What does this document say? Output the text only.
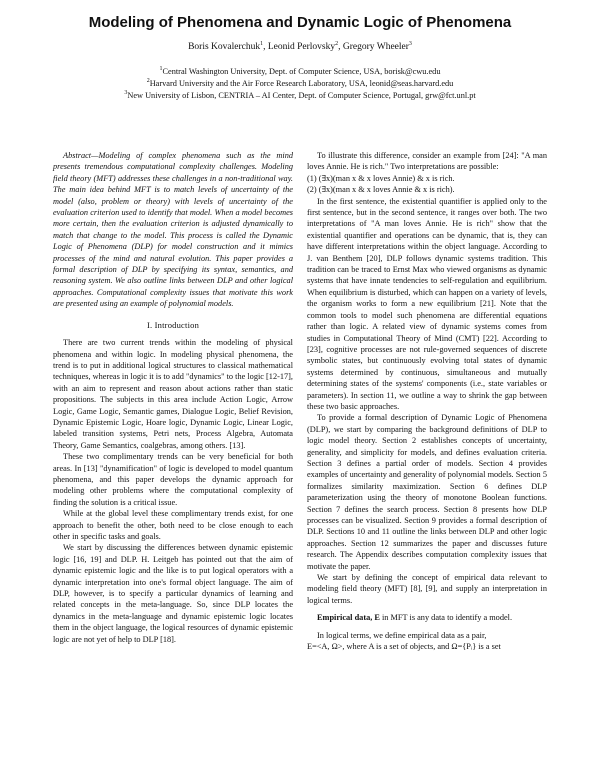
Modeling of Phenomena and Dynamic Logic of Phenomena
Boris Kovalerchuk$^1$, Leonid Perlovsky$^2$, Gregory Wheeler$^3$
$^1$Central Washington University, Dept. of Computer Science, USA, borisk@cwu.edu
$^2$Harvard University and the Air Force Research Laboratory, USA, leonid@seas.harvard.edu
$^3$New University of Lisbon, CENTRIA – AI Center, Dept. of Computer Science, Portugal, grw@fct.unl.pt

Abstract—Modeling of complex phenomena such as the mind presents tremendous computational complexity challenges. Modeling field theory (MFT) addresses these challenges in a non-traditional way. The main idea behind MFT is to match levels of uncertainty of the model (also, problem or theory) with levels of uncertainty of the evaluation criterion used to identify that model. When a model becomes more certain, then the evaluation criterion is adjusted dynamically to match that change to the model. This process is called the Dynamic Logic of Phenomena (DLP) for model construction and it mimics processes of the mind and natural evolution. This paper provides a formal description of DLP by specifying its syntax, semantics, and reasoning system. We also outline links between DLP and other logical approaches. Computational complexity issues that motivate this work are presented using an example of polynomial models.

I. Introduction

There are two current trends within the modeling of physical phenomena and within logic. In modeling physical phenomena, the trend is to put in additional logical structures to classical mathematical techniques, whereas in logic it is to add "dynamics" to the logic [12-17], with an aim to represent and reason about actions rather than static propositions. The subjects in this area include Action Logic, Arrow Logic, Game Logic, Semantic games, Dialogue Logic, Belief Revision, Dynamic Epistemic Logic, Hoare logic, Dynamic Logic, Linear Logic, labeled transition systems, Petri nets, Process Algebra, Automata Theory, Game Semantics, coalgebras, among others. [13].

These two complimentary trends can be very beneficial for both areas. In [13] "dynamification" of logic is developed to model quantum phenomena, and this paper develops the dynamic approach for modeling other problems where the computational complexity of finding the solution is a critical issue.

While at the global level these complimentary trends exist, for one approach to benefit the other, both need to be close enough to each other in specific tasks and goals.

We start by discussing the differences between dynamic epistemic logic [16, 19] and DLP. H. Leitgeb has pointed out that the aim of dynamic epistemic logic and the like is to put logical operators with a dynamic interpretation into one's formal object language. The aim of DLP, however, is to specify a particular dynamics of learning and related concepts in the meta-language. So, since DLP locates the dynamics in the meta-language and dynamic epistemic logic locates them in the object language, the logical resources of dynamic epistemic logic are not yet of help to DLP [18].

To illustrate this difference, consider an example from [24]: "A man loves Annie. He is rich." Two interpretations are possible:

(1) (∃x)(man x & x loves Annie) & x is rich.

(2) (∃x)(man x & x loves Annie & x is rich).

In the first sentence, the existential quantifier is applied only to the first sentence, but in the second sentence, it ranges over both. The two interpretations of "A man loves Annie. He is rich" show that the existential quantifier and operations can be dynamic, that is, they can have different interpretations within the object language. According to J. van Benthem [20], DLP follows dynamic systems tradition. This tradition can be traced to Ernst Max who viewed organisms as dynamic systems that have innate tendencies to self-regulation and equilibrium. When equilibrium is disturbed, which can happen on a variety of levels, the organism works to form a new equilibrium [21]. Note that the common tools to model such phenomena are differential equations rather than logic. A related view of dynamic systems comes from studies in Computational Theory of Mind (CMT) [22]. According to [23], cognitive processes are not rule-governed sequences of discrete symbolic states, but continuously evolving total states of dynamic systems determined by continuous, simultaneous and mutually determining states of the systems' components (i.e., state variables or parameters). In section 11, we outline a way to shrink the gap between these two basic approaches.

To provide a formal description of Dynamic Logic of Phenomena (DLP), we start by comparing the background definitions of DLP to logic model theory. Section 2 establishes concepts of uncertainty, generality, and simplicity for models, and defines evaluation criteria. Section 3 defines a partial order of models. Section 4 provides examples of uncertainty and generality of polynomial models. Section 5 formalizes similarity maximization. Section 6 defines DLP parameterization using the theory of monotone Boolean functions. Section 7 defines the search process. Section 8 presents how DLP processes can be visualized. Section 9 provides a formal description of DLP. Sections 10 and 11 outline the links between DLP and other logic approaches. Section 12 summarizes the paper and discusses future research. The Appendix describes computation complexity issues that motivate the paper.

We start by defining the concept of empirical data relevant to modeling field theory (MFT) [8], [9], and supply an interpretation in logical terms.

Empirical data, E in MFT is any data to identify a model.

In logical terms, we define empirical data as a pair,

E=<A, Ω>, where A is a set of objects, and Ω={Pᵢ} is a set
